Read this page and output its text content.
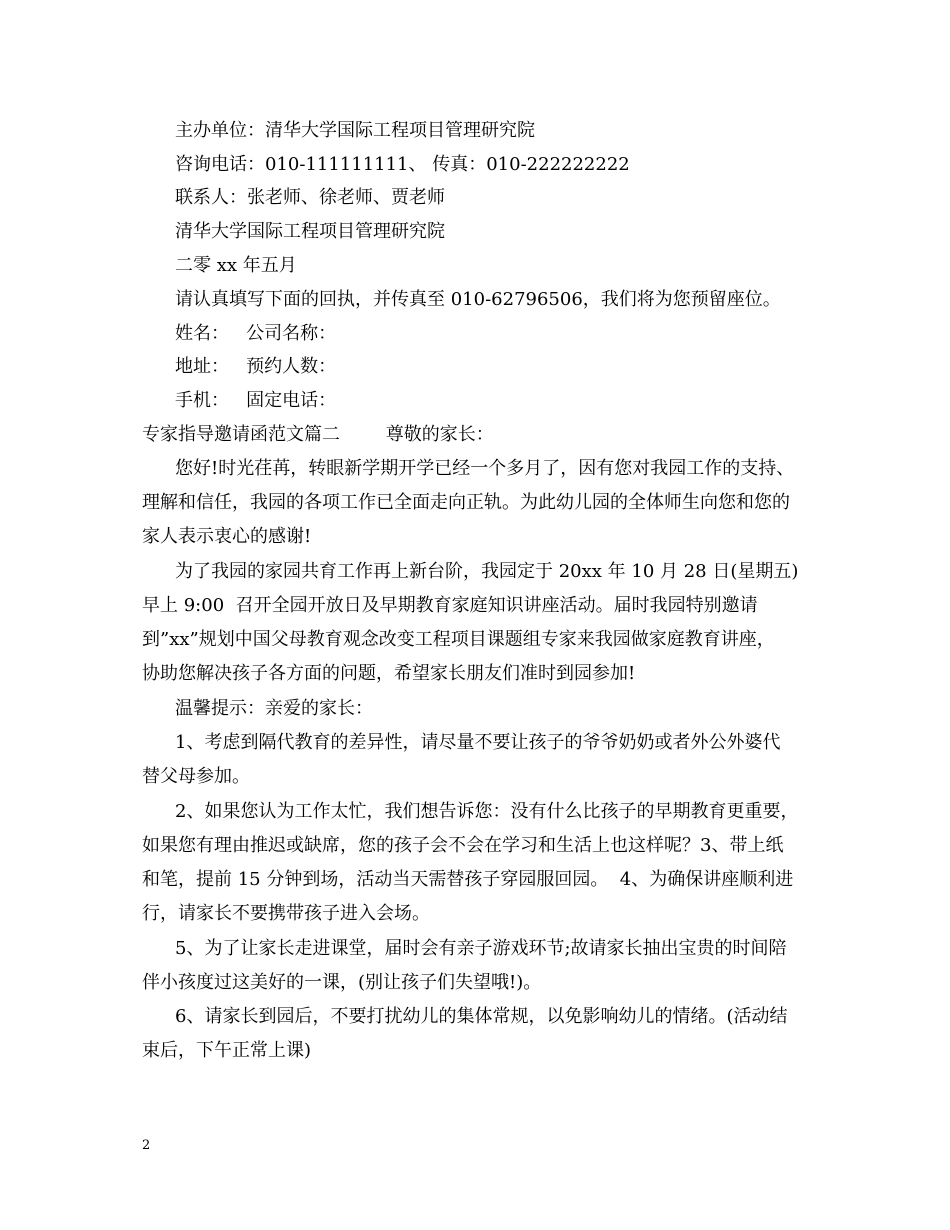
主办单位：清华大学国际工程项目管理研究院
咨询电话：010-111111111、 传真：010-222222222
联系人：张老师、徐老师、贾老师
清华大学国际工程项目管理研究院
二零 xx 年五月
请认真填写下面的回执，并传真至 010-62796506，我们将为您预留座位。
姓名：   公司名称：
地址：   预约人数：
手机：   固定电话：
专家指导邀请函范文篇二        尊敬的家长：
您好!时光荏苒，转眼新学期开学已经一个多月了，因有您对我园工作的支持、
理解和信任，我园的各项工作已全面走向正轨。为此幼儿园的全体师生向您和您的
家人表示衷心的感谢!
为了我园的家园共育工作再上新台阶，我园定于 20xx 年 10 月 28 日(星期五)
早上 9:00  召开全园开放日及早期教育家庭知识讲座活动。届时我园特别邀请
到”xx”规划中国父母教育观念改变工程项目课题组专家来我园做家庭教育讲座，
协助您解决孩子各方面的问题，希望家长朋友们准时到园参加!
温馨提示：亲爱的家长：
1、考虑到隔代教育的差异性，请尽量不要让孩子的爷爷奶奶或者外公外婆代
替父母参加。
2、如果您认为工作太忙，我们想告诉您：没有什么比孩子的早期教育更重要，
如果您有理由推迟或缺席，您的孩子会不会在学习和生活上也这样呢？3、带上纸
和笔，提前 15 分钟到场，活动当天需替孩子穿园服回园。  4、为确保讲座顺利进
行，请家长不要携带孩子进入会场。
5、为了让家长走进课堂，届时会有亲子游戏环节;故请家长抽出宝贵的时间陪
伴小孩度过这美好的一课，(别让孩子们失望哦!)。
6、请家长到园后，不要打扰幼儿的集体常规，以免影响幼儿的情绪。(活动结
束后，下午正常上课)
2
